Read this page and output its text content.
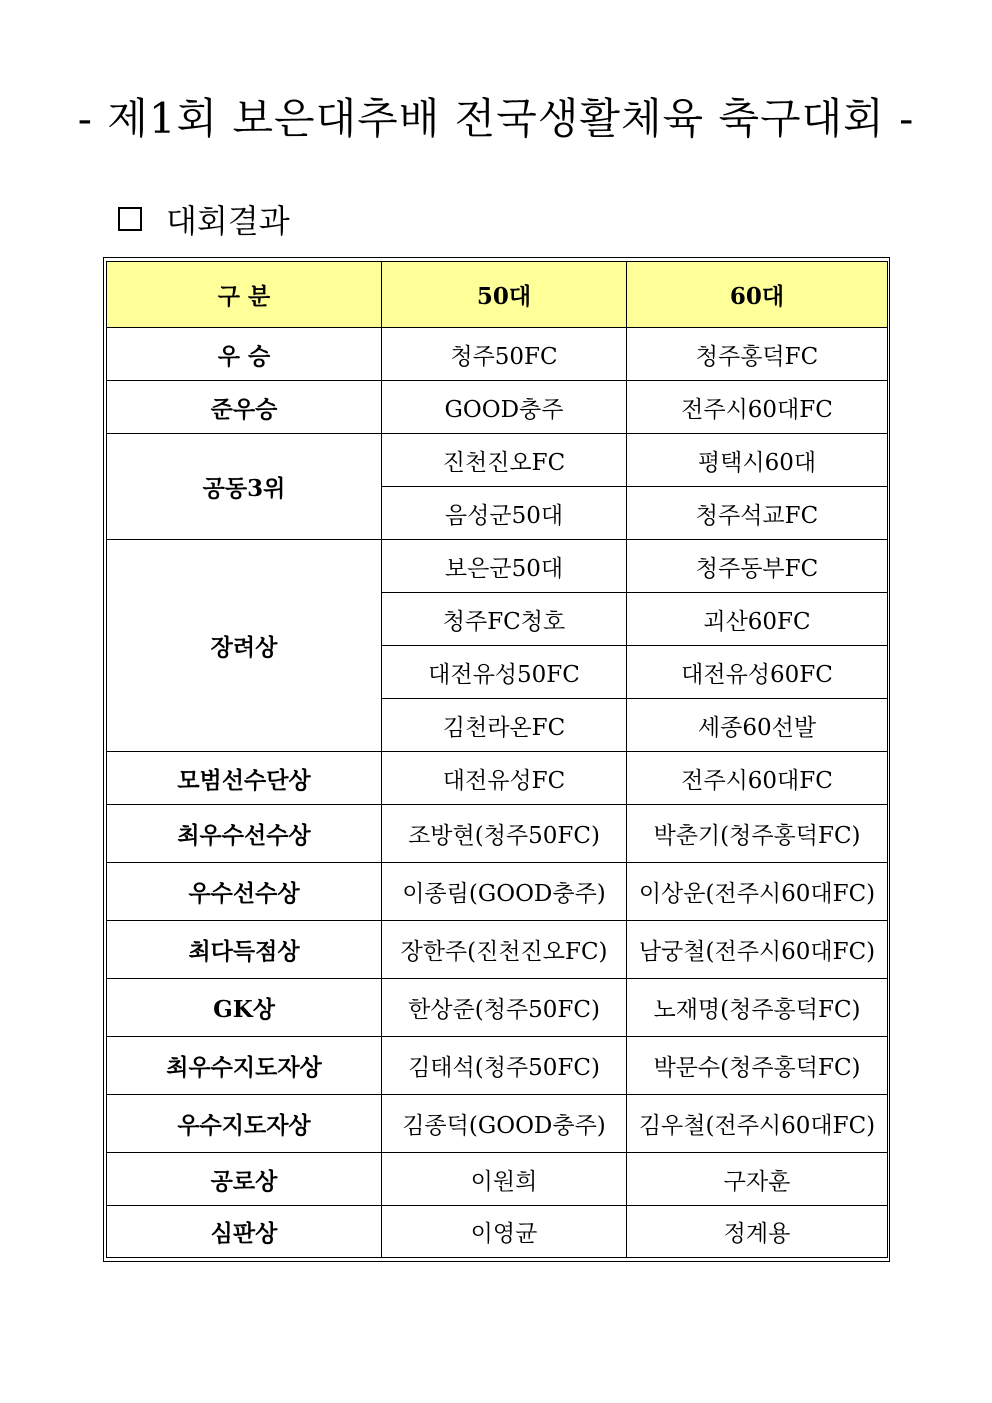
- 제1회 보은대추배 전국생활체육 축구대회 -
대회결과
구 분	50대	60대
우 승	청주50FC	청주홍덕FC
준우승	GOOD충주	전주시60대FC
공동3위	진천진오FC	평택시60대
	음성군50대	청주석교FC
장려상	보은군50대	청주동부FC
	청주FC청호	괴산60FC
	대전유성50FC	대전유성60FC
	김천라온FC	세종60선발
모범선수단상	대전유성FC	전주시60대FC
최우수선수상	조방현(청주50FC)	박춘기(청주홍덕FC)
우수선수상	이종림(GOOD충주)	이상운(전주시60대FC)
최다득점상	장한주(진천진오FC)	남궁철(전주시60대FC)
GK상	한상준(청주50FC)	노재명(청주홍덕FC)
최우수지도자상	김태석(청주50FC)	박문수(청주홍덕FC)
우수지도자상	김종덕(GOOD충주)	김우철(전주시60대FC)
공로상	이원희	구자훈
심판상	이영균	정계용
